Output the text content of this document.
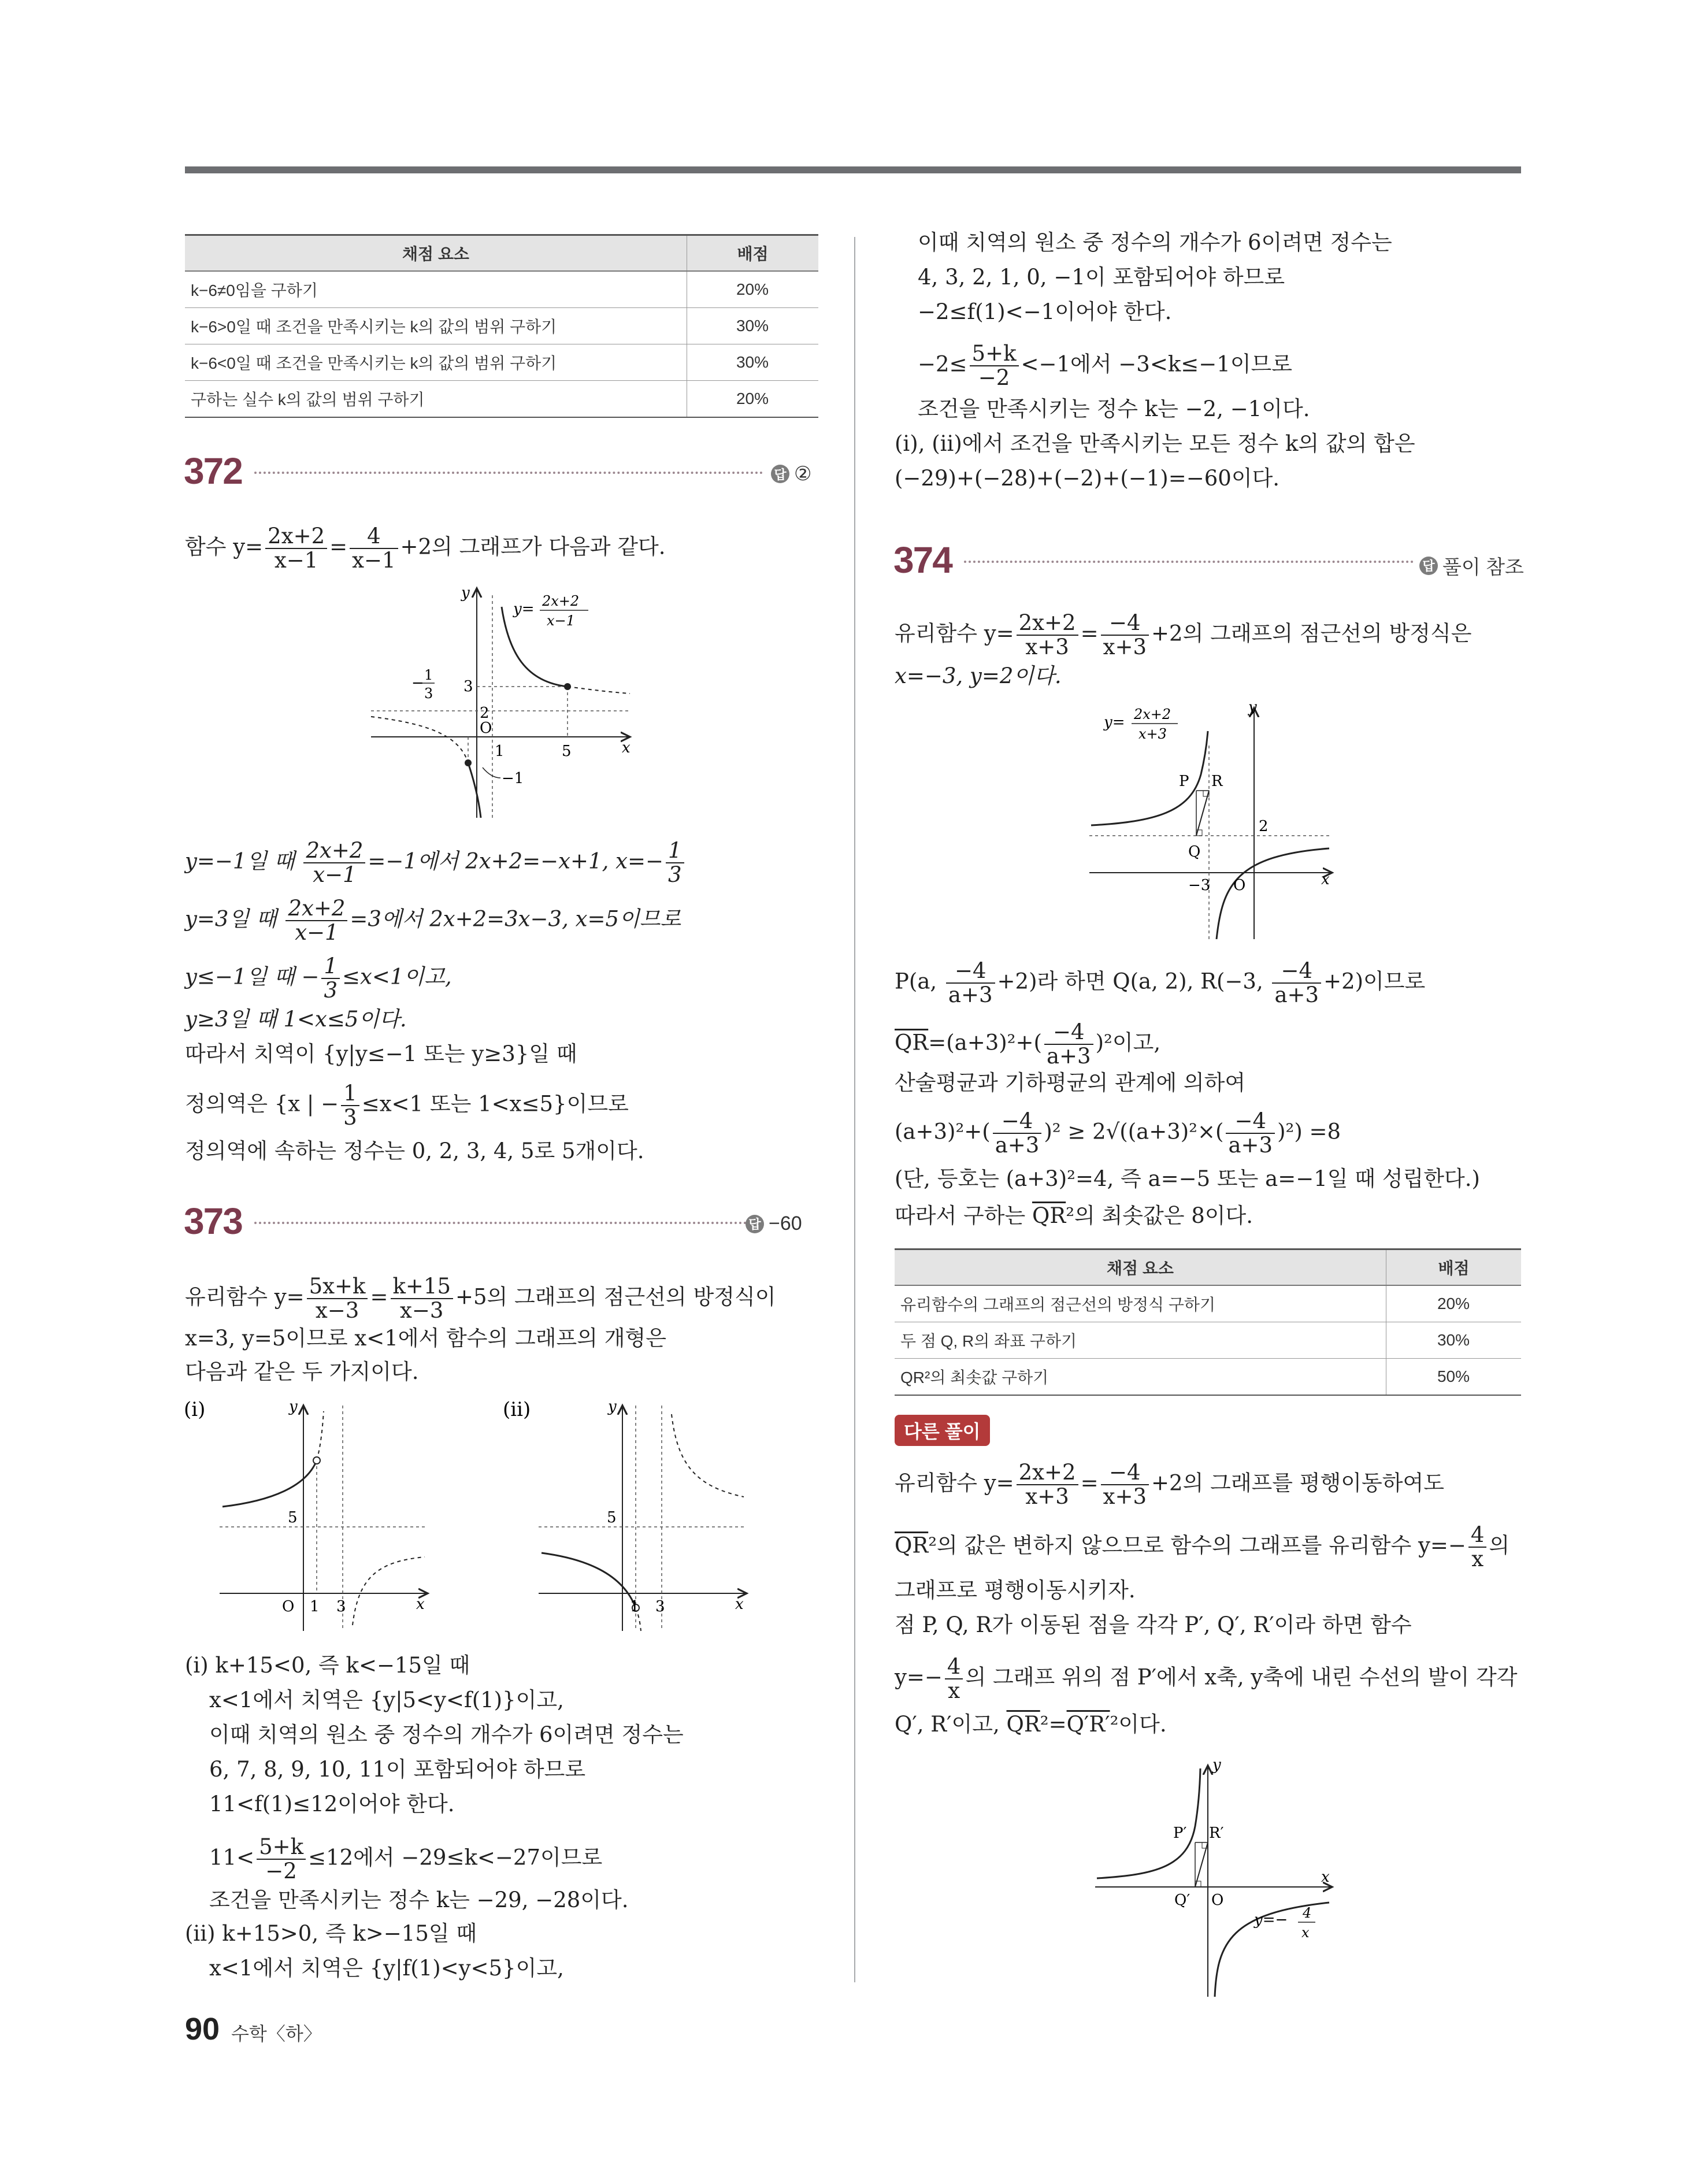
채점 요소	배점
k−6≠0임을 구하기	20%
k−6>0일 때 조건을 만족시키는 k의 값의 범위 구하기	30%
k−6<0일 때 조건을 만족시키는 k의 값의 범위 구하기	30%
구하는 실수 k의 값의 범위 구하기	20%
372	답 ②
함수 $y= \frac{2x+2}{x-1} = \frac{4}{x-1} +2$의 그래프가 다음과 같다.
y
x
O
3
2
1	5
−1
− 1
3
y= 2x+2
x−1
y=−1일 때 $\frac{2x+2}{x-1} =-1$에서 2x+2=−x+1, $x=- \frac{1}{3}$
y=3일 때 $\frac{2x+2}{x-1} =3$에서 2x+2=3x−3, x=5이므로
y≤−1일 때 − $\frac{1}{3} \le x<1$이고,
y≥3일 때 1<x≤5이다.
따라서 치역이 {y|y≤−1 또는 y≥3}일 때
정의역은 {x | − $\frac{1}{3} \le x<1$ 또는 1<x≤5}이므로
정의역에 속하는 정수는 0, 2, 3, 4, 5로 5개이다.
373	답 −60
유리함수 $y= \frac{5x+k}{x-3} = \frac{k+15}{x-3} +5$의 그래프의 점근선의 방정식이
x=3, y=5이므로 x<1에서 함수의 그래프의 개형은
다음과 같은 두 가지이다.
(ⅰ)	y
x
O 1 3
5
(ⅱ)	y
x
1 3
5
(ⅰ) k+15<0, 즉 k<−15일 때
x<1에서 치역은 {y|5<y<f(1)}이고,
이때 치역의 원소 중 정수의 개수가 6이려면 정수는
6, 7, 8, 9, 10, 11이 포함되어야 하므로
11<f(1)≤12이어야 한다.
$11< \frac{5+k}{-2} \le 12$에서 −29≤k<−27이므로
조건을 만족시키는 정수 k는 −29, −28이다.
(ⅱ) k+15>0, 즉 k>−15일 때
x<1에서 치역은 {y|f(1)<y<5}이고,
이때 치역의 원소 중 정수의 개수가 6이려면 정수는
4, 3, 2, 1, 0, −1이 포함되어야 하므로
−2≤f(1)<−1이어야 한다.
$-2\le \frac{5+k}{-2} <-1$에서 −3<k≤−1이므로
조건을 만족시키는 정수 k는 −2, −1이다.
(ⅰ), (ⅱ)에서 조건을 만족시키는 모든 정수 k의 값의 합은
(−29)+(−28)+(−2)+(−1)=−60이다.
374	답 풀이 참조
유리함수 $y= \frac{2x+2}{x+3} = \frac{-4}{x+3} +2$의 그래프의 점근선의 방정식은
x=−3, y=2이다.
y
x
O
P R
Q
2
−3
y= 2x+2
x+3
P(a, $\frac{-4}{a+3} +2$)라 하면 Q(a, 2), R(−3, $\frac{-4}{a+3} +2$)이므로
$\overline{QR}=(a+3)^2+( \frac{-4}{a+3} )^2$이고,
산술평균과 기하평균의 관계에 의하여
$(a+3)^2+( \frac{-4}{a+3} )^2 \ge 2√((a+3)^2\times( \frac{-4}{a+3} )^2) =8$
(단, 등호는 (a+3)²=4, 즉 a=−5 또는 a=−1일 때 성립한다.)
따라서 구하는 $\overline{QR}^2$의 최솟값은 8이다.
채점 요소	배점
유리함수의 그래프의 점근선의 방정식 구하기	20%
두 점 Q, R의 좌표 구하기	30%
QR²의 최솟값 구하기	50%
다른 풀이
유리함수 $y= \frac{2x+2}{x+3} = \frac{-4}{x+3} +2$의 그래프를 평행이동하여도
$\overline{QR}^2$의 값은 변하지 않으므로 함수의 그래프를 유리함수 $y=- \frac{4}{x}$ 의
그래프로 평행이동시키자.
점 P, Q, R가 이동된 점을 각각 P′, Q′, R′이라 하면 함수
$y=- \frac{4}{x}$ 의 그래프 위의 점 P′에서 x축, y축에 내린 수선의 발이 각각
Q′, R′이고, $\overline{QR}^2=Q'R'^2$이다.
y
x
O
P′ R′
Q′
y=− 4
x
90 수학〈하〉
